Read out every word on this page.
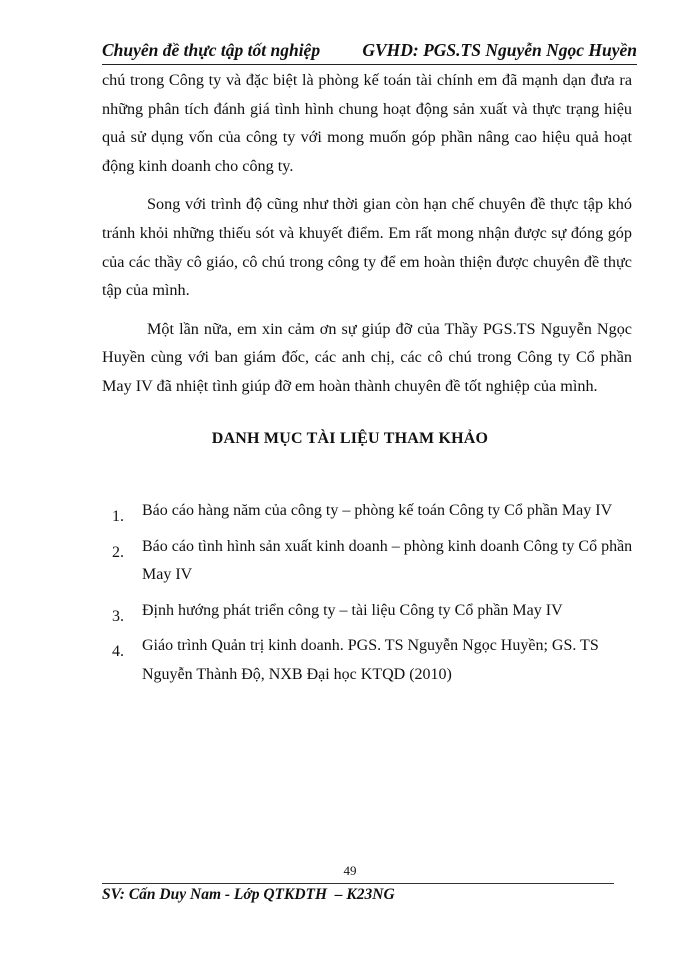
Chuyên đề thực tập tốt nghiệp GVHD: PGS.TS Nguyễn Ngọc Huyền

chú trong Công ty và đặc biệt là phòng kế toán tài chính em đã mạnh dạn đưa ra những phân tích đánh giá tình hình chung hoạt động sản xuất và thực trạng hiệu quả sử dụng vốn của công ty với mong muốn góp phần nâng cao hiệu quả hoạt động kinh doanh cho công ty.

Song với trình độ cũng như thời gian còn hạn chế chuyên đề thực tập khó tránh khỏi những thiếu sót và khuyết điểm. Em rất mong nhận được sự đóng góp của các thầy cô giáo, cô chú trong công ty để em hoàn thiện được chuyên đề thực tập của mình.

Một lần nữa, em xin cảm ơn sự giúp đỡ của Thầy PGS.TS Nguyễn Ngọc Huyền cùng với ban giám đốc, các anh chị, các cô chú trong Công ty Cổ phần May IV đã nhiệt tình giúp đỡ em hoàn thành chuyên đề tốt nghiệp của mình.

DANH MỤC TÀI LIỆU THAM KHẢO
1. Báo cáo hàng năm của công ty – phòng kế toán Công ty Cổ phần May IV
2. Báo cáo tình hình sản xuất kinh doanh – phòng kinh doanh Công ty Cổ phần May IV
3. Định hướng phát triển công ty – tài liệu Công ty Cổ phần May IV
4. Giáo trình Quản trị kinh doanh. PGS. TS Nguyễn Ngọc Huyền; GS. TS Nguyễn Thành Độ, NXB Đại học KTQD (2010)
49
SV: Cấn Duy Nam - Lớp QTKDTH  – K23NG
